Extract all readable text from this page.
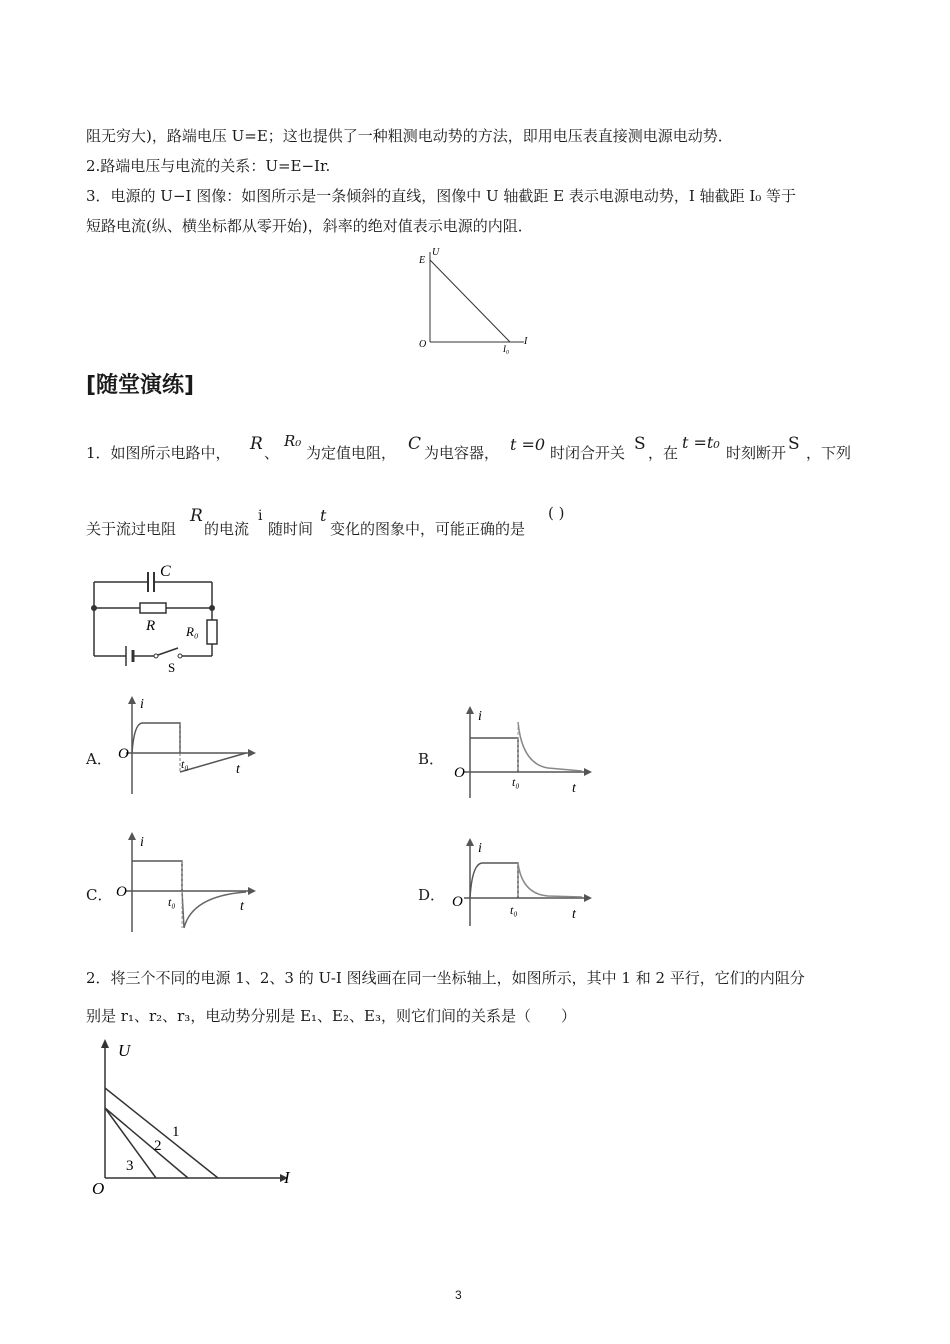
阻无穷大)，路端电压 U=E；这也提供了一种粗测电动势的方法，即用电压表直接测电源电动势．
2.路端电压与电流的关系：U=E−Ir.
3．电源的 U−I 图像：如图所示是一条倾斜的直线，图像中 U 轴截距 E 表示电源电动势，I 轴截距 I₀ 等于
短路电流(纵、横坐标都从零开始)，斜率的绝对值表示电源的内阻．
U
E
O	I₀
I
[随堂演练]
1．如图所示电路中， R 、
R₀
为定值电阻， C 为电容器， t =0 时闭合开关 S ，在
t =t₀
时刻断开 S ，下列
关于流过电阻
R
的电流
i
随时间
t
变化的图象中，可能正确的是
( )
C
R R₀
S
A．
i
O
t₀	t
B．
i
O
t₀	t
C．
i
O
t₀	t
D．
i
O	t₀	t
2．将三个不同的电源 1、2、3 的 U-I 图线画在同一坐标轴上，如图所示，其中 1 和 2 平行，它们的内阻分
别是 r₁、r₂、r₃，电动势分别是 E₁、E₂、E₃，则它们间的关系是（　　）
U
I
O
1
2
3
3
